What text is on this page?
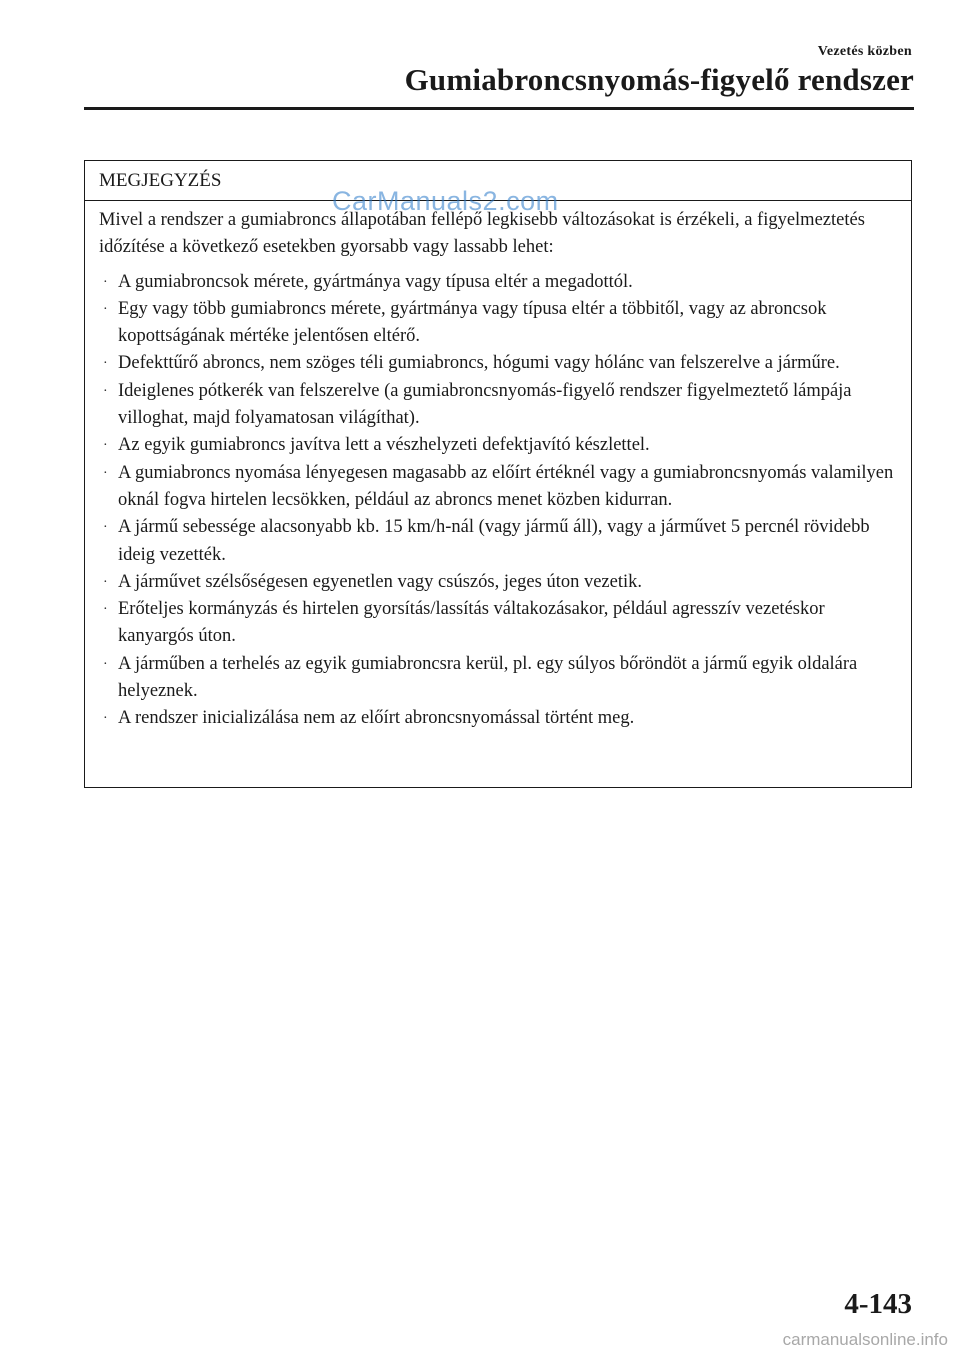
Vezetés közben
Gumiabroncsnyomás-figyelő rendszer
MEGJEGYZÉS

Mivel a rendszer a gumiabroncs állapotában fellépő legkisebb változásokat is érzékeli, a figyelmeztetés időzítése a következő esetekben gyorsabb vagy lassabb lehet:

· A gumiabroncsok mérete, gyártmánya vagy típusa eltér a megadottól.
· Egy vagy több gumiabroncs mérete, gyártmánya vagy típusa eltér a többitől, vagy az abroncsok kopottságának mértéke jelentősen eltérő.
· Defekttűrő abroncs, nem szöges téli gumiabroncs, hógumi vagy hólánc van felszerelve a járműre.
· Ideiglenes pótkerék van felszerelve (a gumiabroncsnyomás-figyelő rendszer figyelmeztető lámpája villoghat, majd folyamatosan világíthat).
· Az egyik gumiabroncs javítva lett a vészhelyzeti defektjavító készlettel.
· A gumiabroncs nyomása lényegesen magasabb az előírt értéknél vagy a gumiabroncsnyomás valamilyen oknál fogva hirtelen lecsökken, például az abroncs menet közben kidurran.
· A jármű sebessége alacsonyabb kb. 15 km/h-nál (vagy jármű áll), vagy a járművet 5 percnél rövidebb ideig vezették.
· A járművet szélsőségesen egyenetlen vagy csúszós, jeges úton vezetik.
· Erőteljes kormányzás és hirtelen gyorsítás/lassítás váltakozásakor, például agresszív vezetéskor kanyargós úton.
· A járműben a terhelés az egyik gumiabroncsra kerül, pl. egy súlyos bőröndöt a jármű egyik oldalára helyeznek.
· A rendszer inicializálása nem az előírt abroncsnyomással történt meg.
CarManuals2.com
4-143
carmanualsonline.info
